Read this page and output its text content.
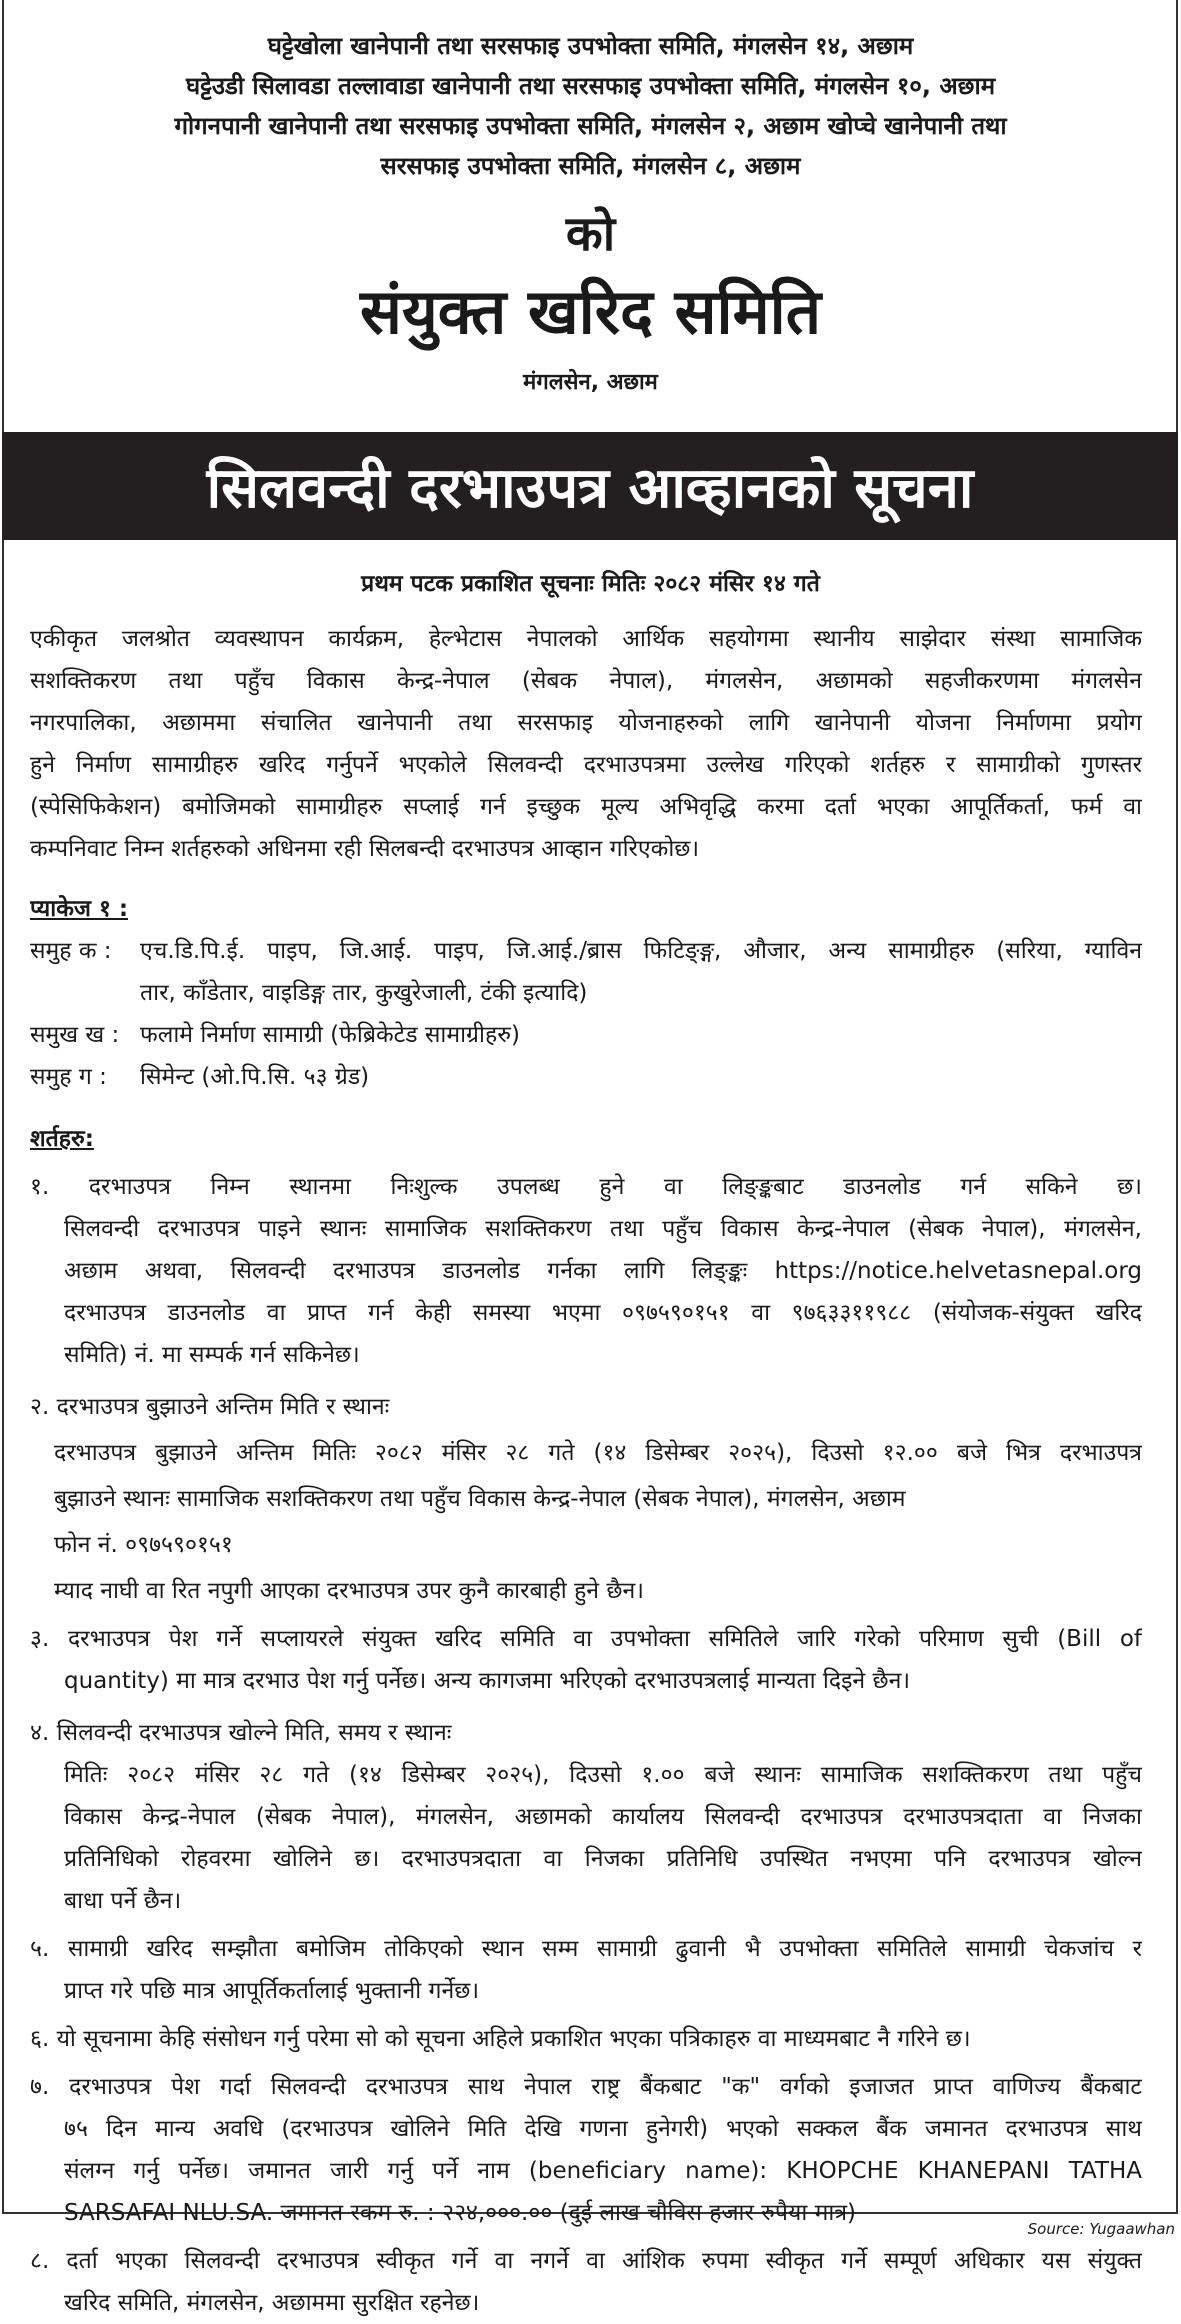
घट्टेखोला खानेपानी तथा सरसफाइ उपभोक्ता समिति, मंगलसेन १४, अछाम
घट्टेउडी सिलावडा तल्लावाडा खानेपानी तथा सरसफाइ उपभोक्ता समिति, मंगलसेन १०, अछाम
गोगनपानी खानेपानी तथा सरसफाइ उपभोक्ता समिति, मंगलसेन २, अछाम खोप्चे खानेपानी तथा
सरसफाइ उपभोक्ता समिति, मंगलसेन ८, अछाम
को
संयुक्त खरिद समिति
मंगलसेन, अछाम
सिलवन्दी दरभाउपत्र आव्हानको सूचना
प्रथम पटक प्रकाशित सूचनाः मितिः २०८२ मंसिर १४ गते
एकीकृत जलश्रोत व्यवस्थापन कार्यक्रम, हेल्भेटास नेपालको आर्थिक सहयोगमा स्थानीय साझेदार संस्था सामाजिक
सशक्तिकरण तथा पहुँच विकास केन्द्र-नेपाल (सेबक नेपाल), मंगलसेन, अछामको सहजीकरणमा मंगलसेन
नगरपालिका, अछाममा संचालित खानेपानी तथा सरसफाइ योजनाहरुको लागि खानेपानी योजना निर्माणमा प्रयोग
हुने निर्माण सामाग्रीहरु खरिद गर्नुपर्ने भएकोले सिलवन्दी दरभाउपत्रमा उल्लेख गरिएको शर्तहरु र सामाग्रीको गुणस्तर
(स्पेसिफिकेशन) बमोजिमको सामाग्रीहरु सप्लाई गर्न इच्छुक मूल्य अभिवृद्धि करमा दर्ता भएका आपूर्तिकर्ता, फर्म वा
कम्पनिवाट निम्न शर्तहरुको अधिनमा रही सिलबन्दी दरभाउपत्र आव्हान गरिएकोछ।
प्याकेज १ :
समुह क :	एच.डि.पि.ई. पाइप, जि.आई. पाइप, जि.आई./ब्रास फिटिङ्ङ्ग, औजार, अन्य सामाग्रीहरु (सरिया, ग्याविन
तार, काँडेतार, वाइडिङ्ग तार, कुखुरेजाली, टंकी इत्यादि)
समुख ख : फलामे निर्माण सामाग्री (फेब्रिकेटेड सामाग्रीहरु)
समुह ग :	सिमेन्ट (ओ.पि.सि. ५३ ग्रेड)
शर्तहरु:
१. दरभाउपत्र निम्न स्थानमा निःशुल्क उपलब्ध हुने वा लिङ्ङ्कबाट डाउनलोड गर्न सकिने छ।
सिलवन्दी दरभाउपत्र पाइने स्थानः सामाजिक सशक्तिकरण तथा पहुँच विकास केन्द्र-नेपाल (सेबक नेपाल), मंगलसेन,
अछाम अथवा, सिलवन्दी दरभाउपत्र डाउनलोड गर्नका लागि लिङ्ङ्कः https://notice.helvetasnepal.org
दरभाउपत्र डाउनलोड वा प्राप्त गर्न केही समस्या भएमा ०९७५९०१५१ वा ९७६३३११९८८ (संयोजक-संयुक्त खरिद
समिति) नं. मा सम्पर्क गर्न सकिनेछ।
२. दरभाउपत्र बुझाउने अन्तिम मिति र स्थानः
दरभाउपत्र बुझाउने अन्तिम मितिः २०८२ मंसिर २८ गते (१४ डिसेम्बर २०२५), दिउसो १२.०० बजे भित्र दरभाउपत्र
बुझाउने स्थानः सामाजिक सशक्तिकरण तथा पहुँच विकास केन्द्र-नेपाल (सेबक नेपाल), मंगलसेन, अछाम
फोन नं. ०९७५९०१५१
म्याद नाघी वा रित नपुगी आएका दरभाउपत्र उपर कुनै कारबाही हुने छैन।
३. दरभाउपत्र पेश गर्ने सप्लायरले संयुक्त खरिद समिति वा उपभोक्ता समितिले जारि गरेको परिमाण सुची (Bill of
quantity) मा मात्र दरभाउ पेश गर्नु पर्नेछ। अन्य कागजमा भरिएको दरभाउपत्रलाई मान्यता दिइने छैन।
४. सिलवन्दी दरभाउपत्र खोल्ने मिति, समय र स्थानः
मितिः २०८२ मंसिर २८ गते (१४ डिसेम्बर २०२५), दिउसो १.०० बजे स्थानः सामाजिक सशक्तिकरण तथा पहुँच
विकास केन्द्र-नेपाल (सेबक नेपाल), मंगलसेन, अछामको कार्यालय सिलवन्दी दरभाउपत्र दरभाउपत्रदाता वा निजका
प्रतिनिधिको रोहवरमा खोलिने छ। दरभाउपत्रदाता वा निजका प्रतिनिधि उपस्थित नभएमा पनि दरभाउपत्र खोल्न
बाधा पर्ने छैन।
५. सामाग्री खरिद सम्झौता बमोजिम तोकिएको स्थान सम्म सामाग्री ढुवानी भै उपभोक्ता समितिले सामाग्री चेकजांच र
प्राप्त गरे पछि मात्र आपूर्तिकर्तालाई भुक्तानी गर्नेछ।
६. यो सूचनामा केहि संसोधन गर्नु परेमा सो को सूचना अहिले प्रकाशित भएका पत्रिकाहरु वा माध्यमबाट नै गरिने छ।
७. दरभाउपत्र पेश गर्दा सिलवन्दी दरभाउपत्र साथ नेपाल राष्ट्र बैंकबाट "क" वर्गको इजाजत प्राप्त वाणिज्य बैंकबाट
७५ दिन मान्य अवधि (दरभाउपत्र खोलिने मिति देखि गणना हुनेगरी) भएको सक्कल बैंक जमानत दरभाउपत्र साथ
संलग्न गर्नु पर्नेछ। जमानत जारी गर्नु पर्ने नाम (beneficiary name): KHOPCHE KHANEPANI TATHA
SARSAFAI NLU.SA. जमानत रकम रु. : २२४,०००.०० (दुई लाख चौविस हजार रुपैया मात्र)
८. दर्ता भएका सिलवन्दी दरभाउपत्र स्वीकृत गर्ने वा नगर्ने वा आंशिक रुपमा स्वीकृत गर्ने सम्पूर्ण अधिकार यस संयुक्त
खरिद समिति, मंगलसेन, अछाममा सुरक्षित रहनेछ।
Source: Yugaawhan
